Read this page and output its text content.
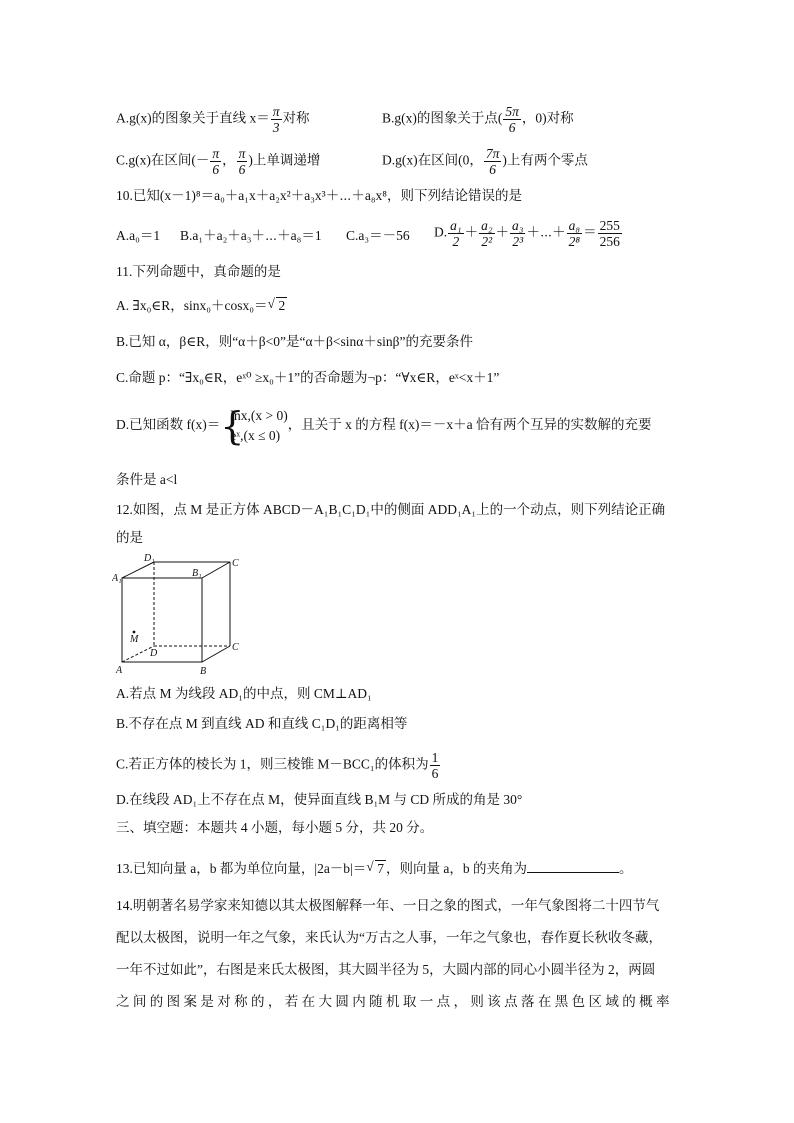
A.g(x)的图象关于直线 $x= \frac{\pi}{3}$ 对称	B.g(x)的图象关于点( $\frac{5\pi}{6}$ ，0)对称
C.g(x)在区间(－ $\frac{\pi}{6}$ ， $\frac{\pi}{6}$ )上单调递增	D.g(x)在区间(0， $\frac{7\pi}{6}$ )上有两个零点
10.已知(x－1)⁸＝a₀＋a₁x＋a₂x²＋a₃x³＋⋯＋a₈x⁸，则下列结论错误的是
A.a₀＝1 B.a₁＋a₂＋a₃＋⋯＋a₈＝1 C.a₃＝－56 D. $\frac{\text{a₁}}{2} + \frac{\text{a₂}}{\text{2²}} + \frac{\text{a₃}}{\text{2³}}$ ＋⋯＋ $\frac{\text{a₈}}{\text{2⁸}} = \frac{255}{256}$
11.下列命题中，真命题的是
A. ∃x₀∈R，sinx₀＋cosx₀＝ √ 2
B.已知 α，β∈R，则“α＋β<0”是“α＋β<sinα＋sinβ”的充要条件
C.命题 p：“∃x₀∈R，eˣ⁰ ≥x₀＋1”的否命题为¬p：“∀x∈R，eˣ<x＋1”
D.已知函数 f(x)＝ {
lnx,(x > 0)
eˣ,(x ≤ 0)
，且关于 x 的方程 f(x)＝－x＋a 恰有两个互异的实数解的充要
条件是 a<l
12.如图，点 M 是正方体 ABCD－A₁B₁C₁D₁中的侧面 ADD₁A₁上的一个动点，则下列结论正确
的是
D₁	C
B₁
A₁
M
D
C
A	B
A.若点 M 为线段 AD₁的中点，则 CM⊥AD₁
B.不存在点 M 到直线 AD 和直线 C₁D₁的距离相等
C.若正方体的棱长为 1，则三棱锥 M－BCC₁的体积为 $\frac{1}{6}$
D.在线段 AD₁上不存在点 M，使异面直线 B₁M 与 CD 所成的角是 30°
三、填空题：本题共 4 小题，每小题 5 分，共 20 分。
13.已知向量 a，b 都为单位向量，|2a－b|＝ √ 7 ，则向量 a，b 的夹角为	。
14.明朝著名易学家来知德以其太极图解释一年、一日之象的图式，一年气象图将二十四节气
配以太极图，说明一年之气象，来氏认为“万古之人事，一年之气象也，春作夏长秋收冬藏，
一年不过如此”，右图是来氏太极图，其大圆半径为 5，大圆内部的同心小圆半径为 2，两圆
之 间 的 图 案 是 对 称 的 ， 若 在 大 圆 内 随 机 取 一 点 ， 则 该 点 落 在 黑 色 区 域 的 概 率
